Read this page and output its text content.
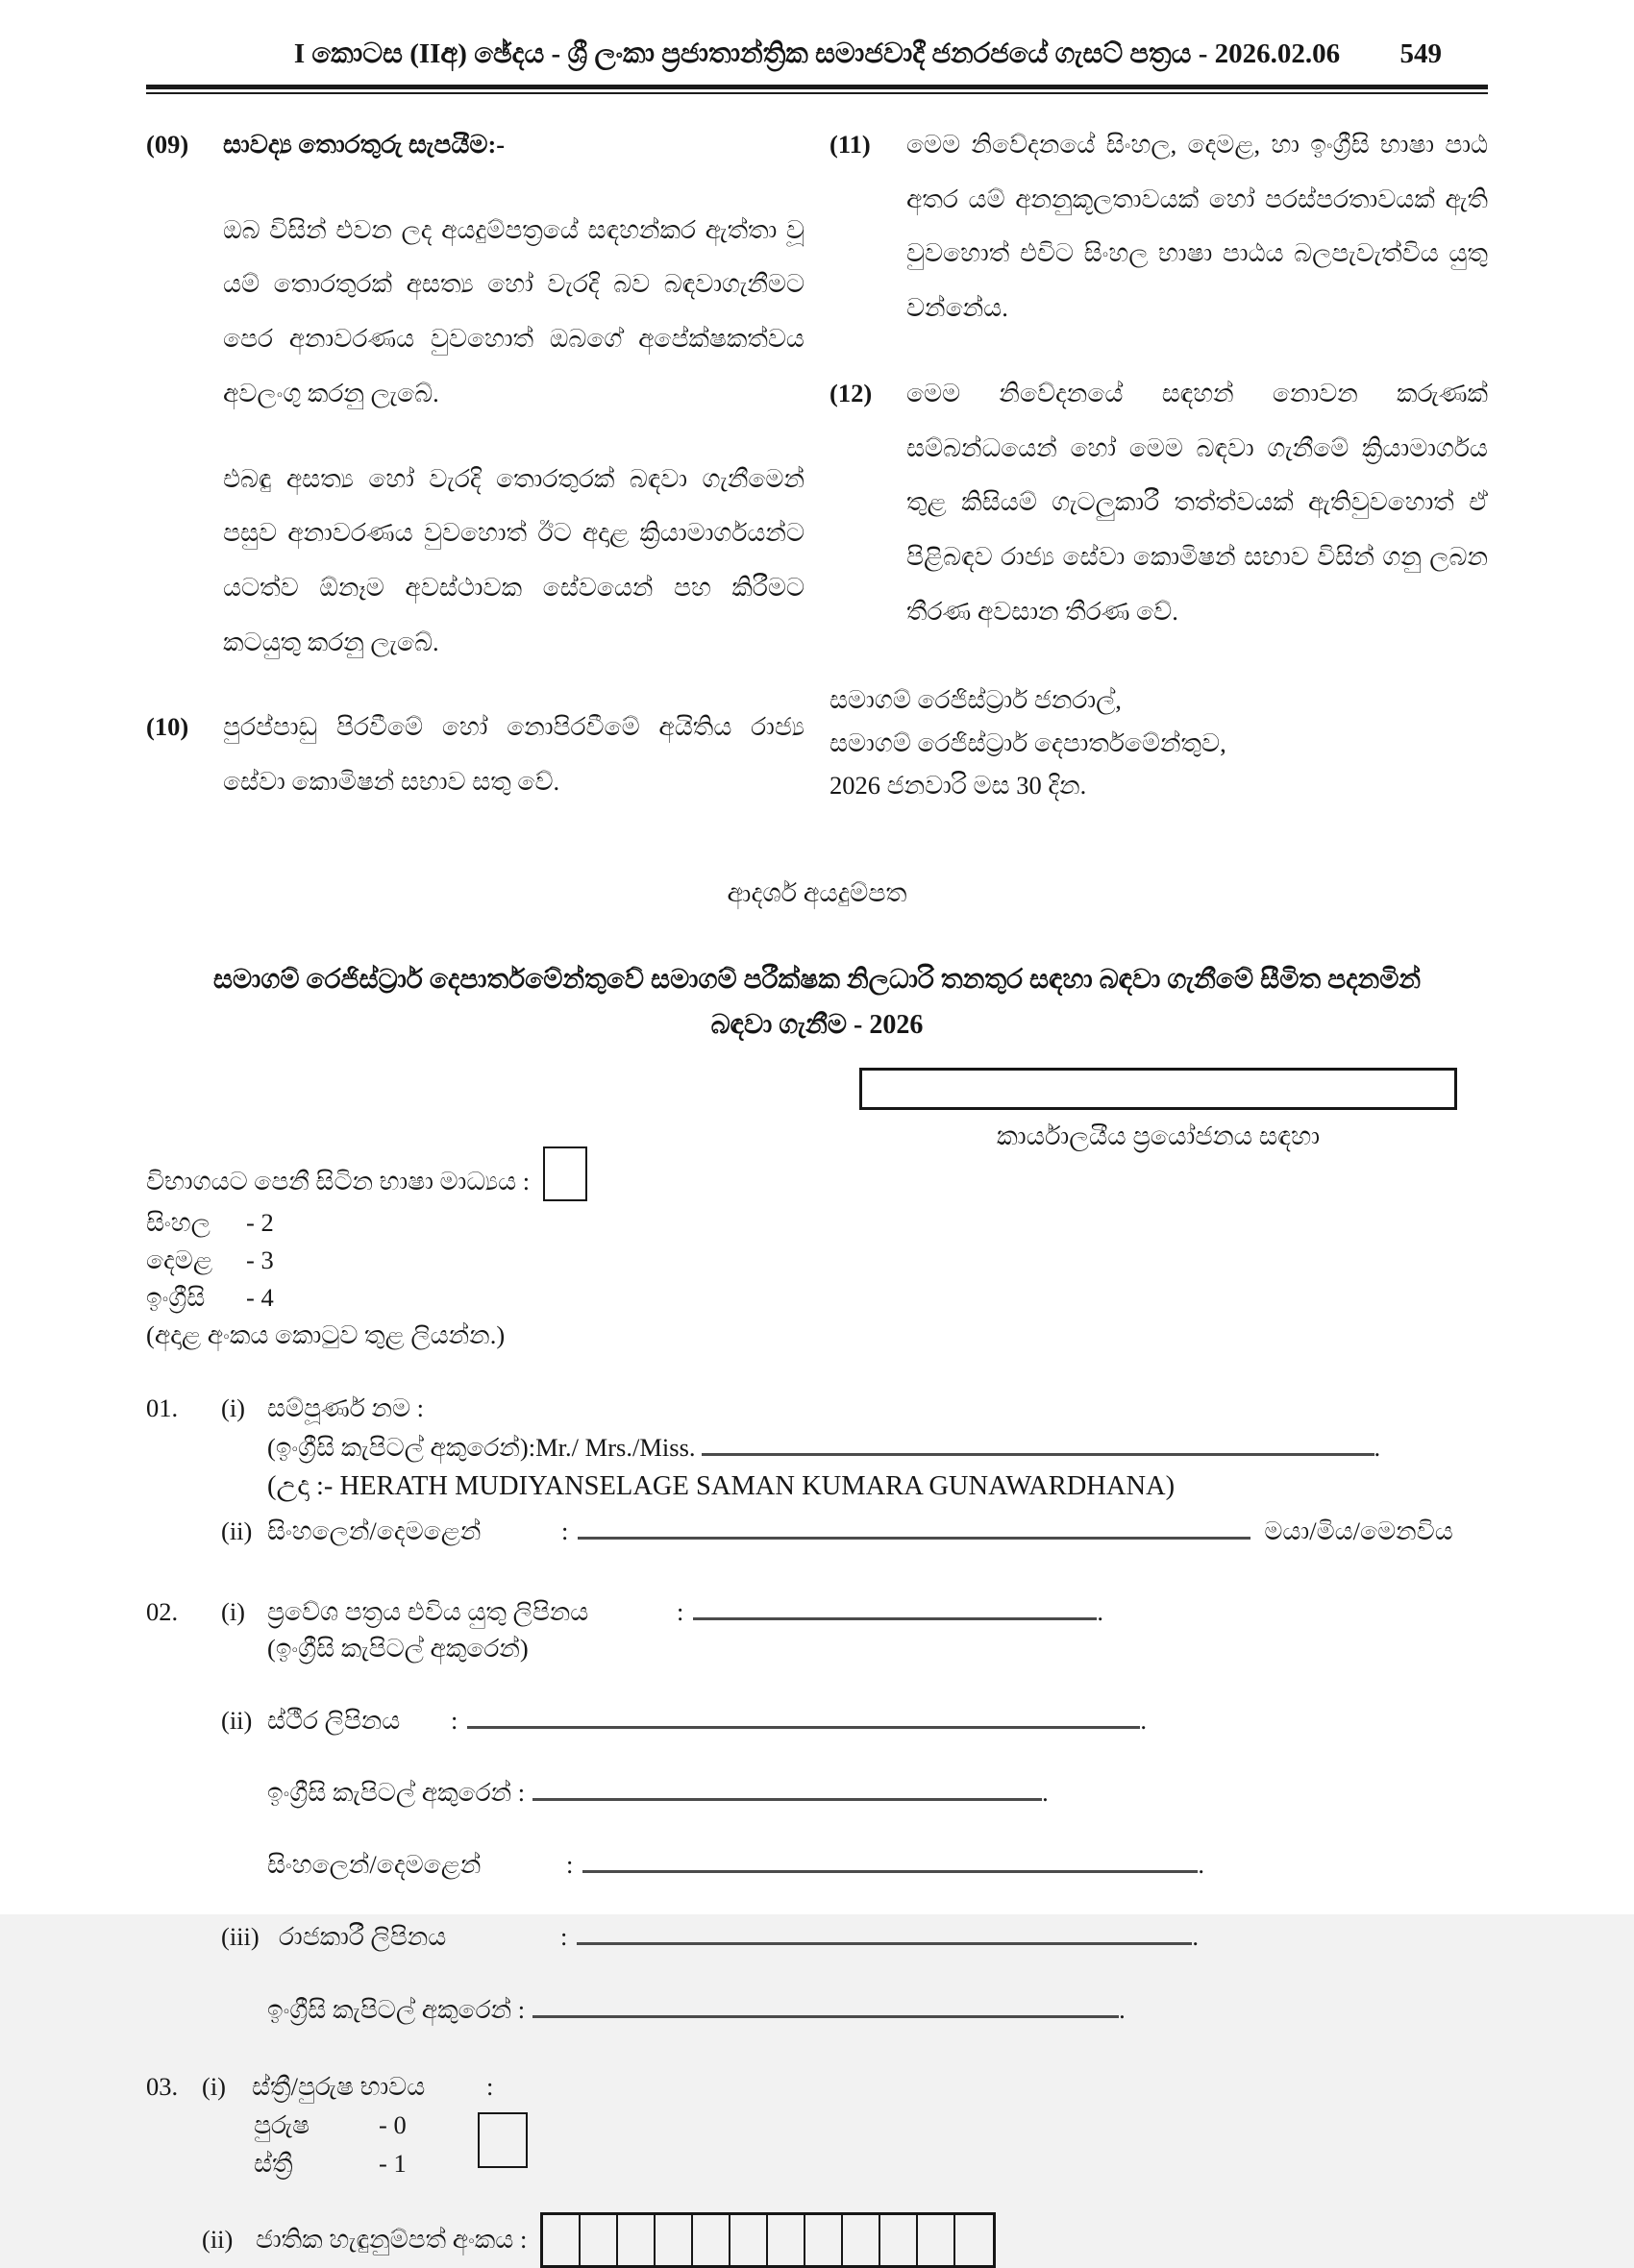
I කොටස (IIඅ) ඡේදය - ශ්‍රී ලංකා ප්‍රජාතාන්ත්‍රික සමාජවාදී ජනරජයේ ගැසට් පත්‍රය - 2026.02.06 549
(09)	සාවද්‍ය තොරතුරු සැපයීම:-
ඔබ විසින් එවන ලද අයදුම්පත්‍රයේ සඳහන්කර ඇත්තා වූ යම් තොරතුරක් අසත්‍ය හෝ වැරදි බව බඳවාගැනීමට පෙර අනාවරණය වුවහොත් ඔබගේ අපේක්ෂකත්වය අවලංගු කරනු ලැබේ.
එබඳු අසත්‍ය හෝ වැරදි තොරතුරක් බඳවා ගැනීමෙන් පසුව අනාවරණය වුවහොත් ඊට අදාළ ක්‍රියාමාර්ගයන්ට යටත්ව ඕනෑම අවස්ථාවක සේවයෙන් පහ කිරීමට කටයුතු කරනු ලැබේ.
(10)	පුරප්පාඩු පිරවීමේ හෝ නොපිරවීමේ අයිතිය රාජ්‍ය සේවා කොමිෂන් සභාව සතු වේ.
(11)	මෙම නිවේදනයේ සිංහල, දෙමළ, හා ඉංග්‍රීසි භාෂා පාඨ අතර යම් අනනුකූලතාවයක් හෝ පරස්පරතාවයක් ඇති වුවහොත් එවිට සිංහල භාෂා පාඨය බලපැවැත්විය යුතු වන්නේය.
(12)	මෙම නිවේදනයේ සඳහන් නොවන කරුණක් සම්බන්ධයෙන් හෝ මෙම බඳවා ගැනීමේ ක්‍රියාමාර්ගය තුළ කිසියම් ගැටලුකාරී තත්ත්වයක් ඇතිවුවහොත් ඒ පිළිබඳව රාජ්‍ය සේවා කොමිෂන් සභාව විසින් ගනු ලබන තීරණ අවසාන තීරණ වේ.
සමාගම් රෙජිස්ට්‍රාර් ජනරාල්,
සමාගම් රෙජිස්ට්‍රාර් දෙපාර්තමේන්තුව,
2026 ජනවාරි මස 30 දින.
ආදර්ශ අයදුම්පත
සමාගම් රෙජිස්ට්‍රාර් දෙපාර්තමේන්තුවේ සමාගම් පරීක්ෂක නිලධාරි තනතුර සඳහා බඳවා ගැනීමේ සීමිත පදනමින්
බඳවා ගැනීම - 2026
කාර්යාලයීය ප්‍රයෝජනය සඳහා
විභාගයට පෙනී සිටින භාෂා මාධ්‍යය :
සිංහල	- 2
දෙමළ	- 3
ඉංග්‍රීසි	- 4
(අදාළ අංකය කොටුව තුළ ලියන්න.)
01.	(i) සම්පූර්ණ නම :
(ඉංග්‍රීසි කැපිටල් අකුරෙන්):Mr./ Mrs./Miss.	.
(උදා :- HERATH MUDIYANSELAGE SAMAN KUMARA GUNAWARDHANA)
(ii) සිංහලෙන්/දෙමළෙන්	:	මයා/මිය/මෙනවිය
02.	(i) ප්‍රවේශ පත්‍රය එවිය යුතු ලිපිනය	:	.
(ඉංග්‍රීසි කැපිටල් අකුරෙන්)
(ii) ස්ථීර ලිපිනය	:	.
ඉංග්‍රීසි කැපිටල් අකුරෙන් :	.
සිංහලෙන්/දෙමළෙන්	:	.
(iii) රාජකාරී ලිපිනය	:	.
ඉංග්‍රීසි කැපිටල් අකුරෙන් :	.
03. (i)	ස්ත්‍රී/පුරුෂ භාවය	:
පුරුෂ	- 0
ස්ත්‍රී	- 1
(ii) ජාතික හැඳුනුම්පත් අංකය :
